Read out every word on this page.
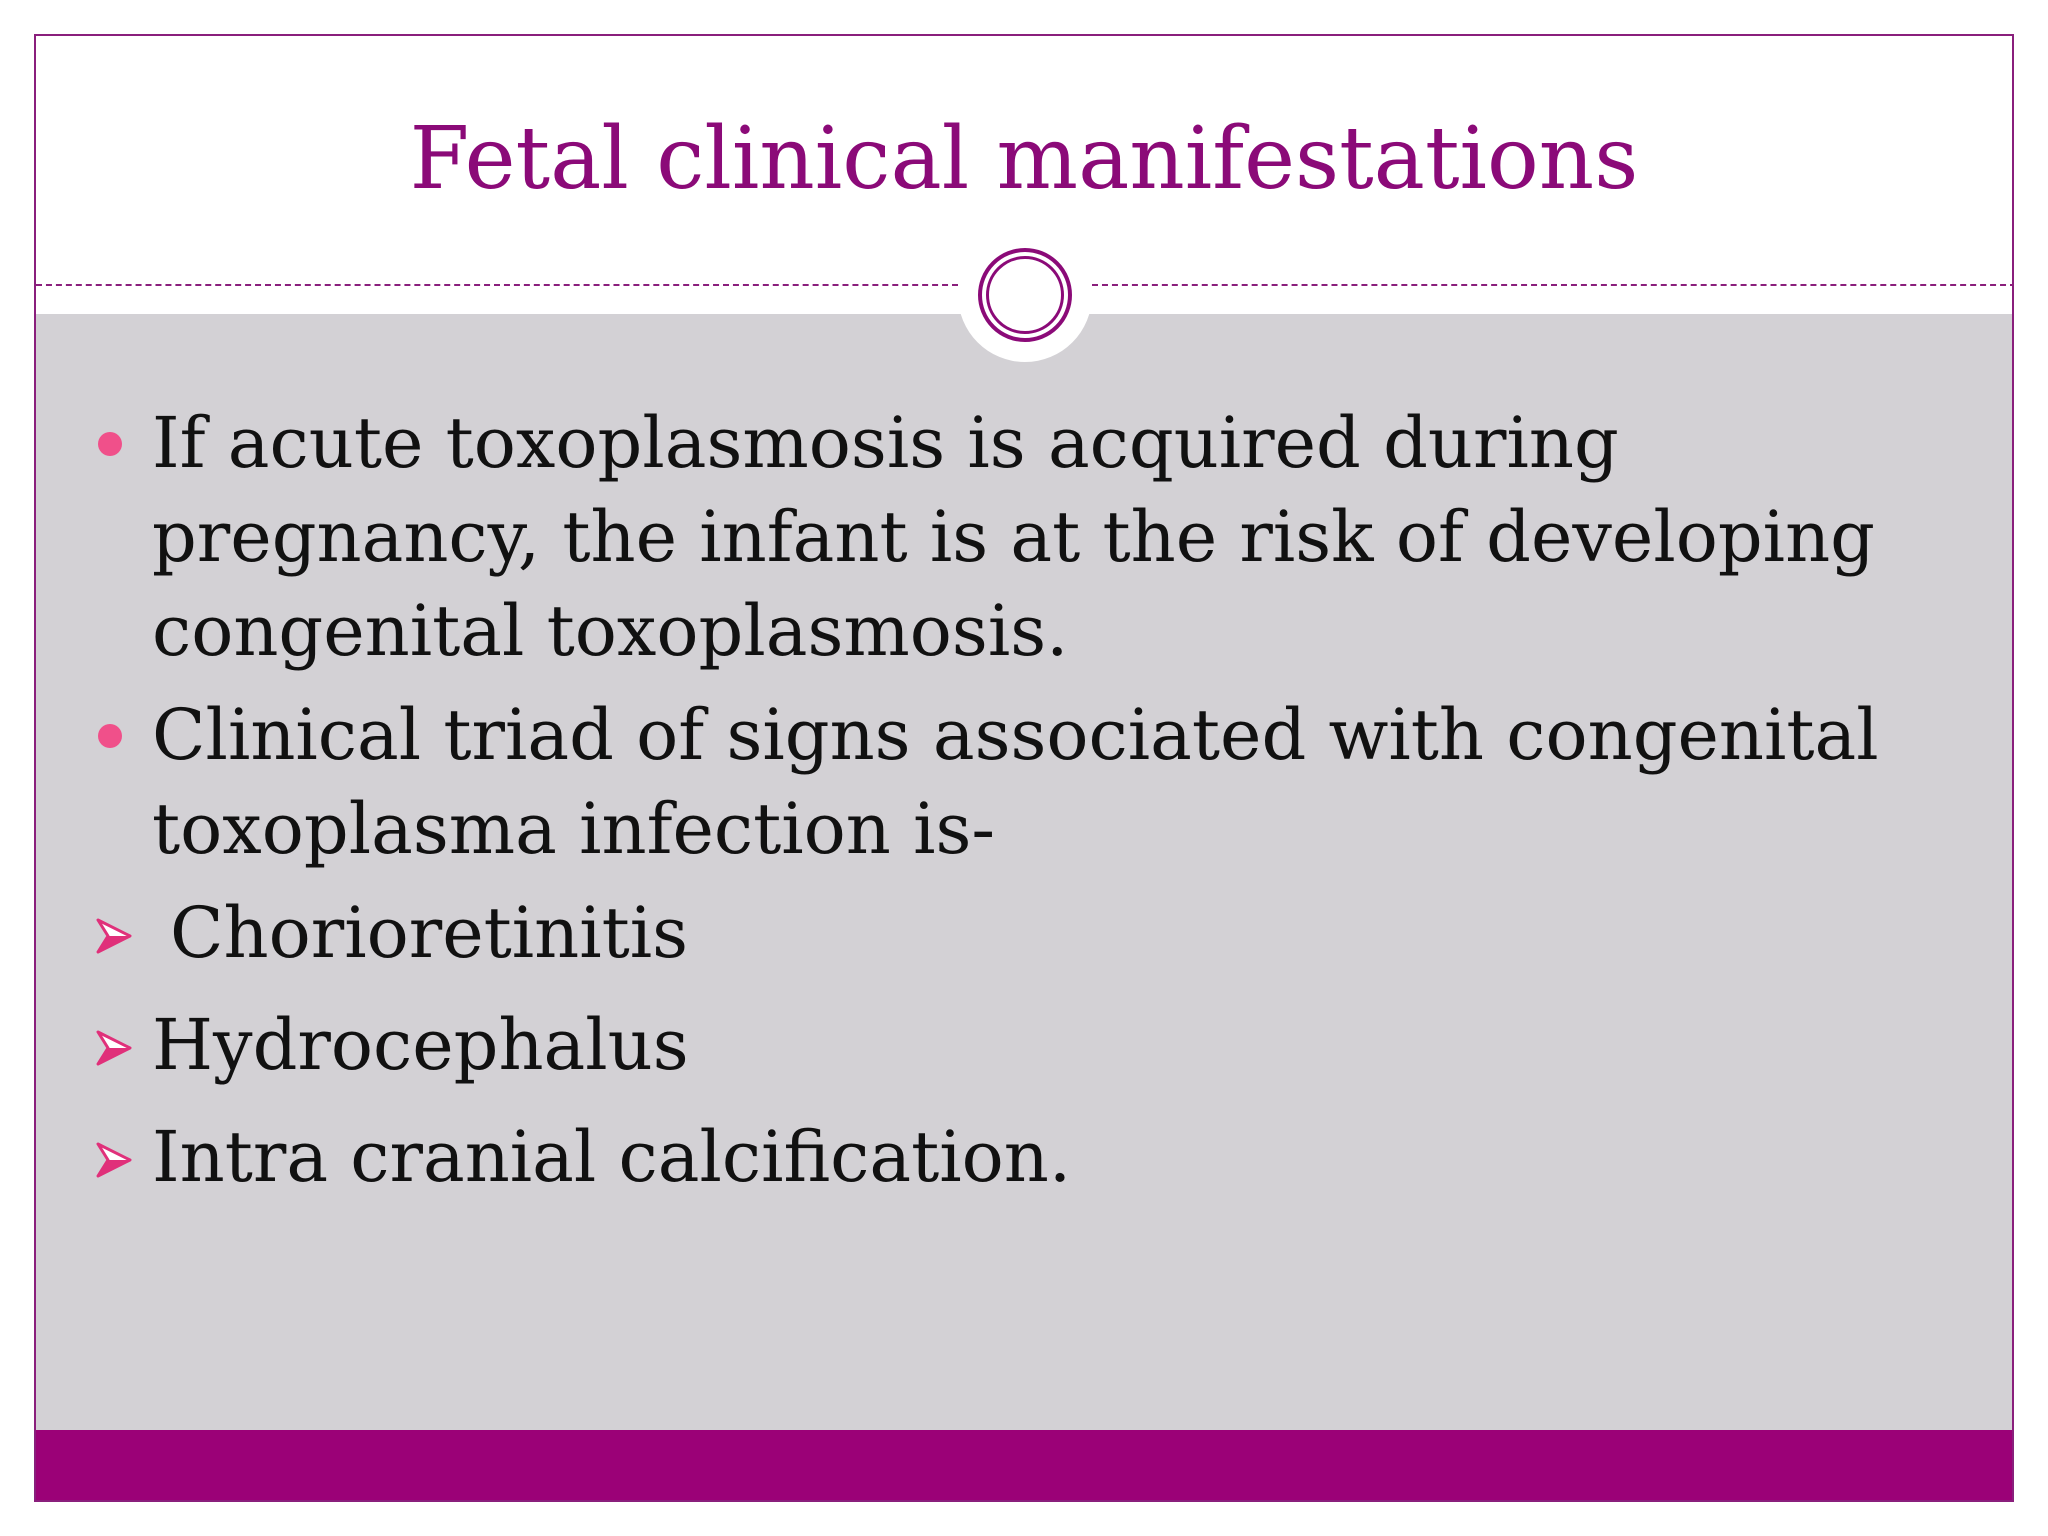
Fetal clinical manifestations
If acute toxoplasmosis is acquired during pregnancy, the infant is at the risk of developing congenital toxoplasmosis.
Clinical triad of signs associated with congenital toxoplasma infection is-
Chorioretinitis
Hydrocephalus
Intra cranial calcification.
